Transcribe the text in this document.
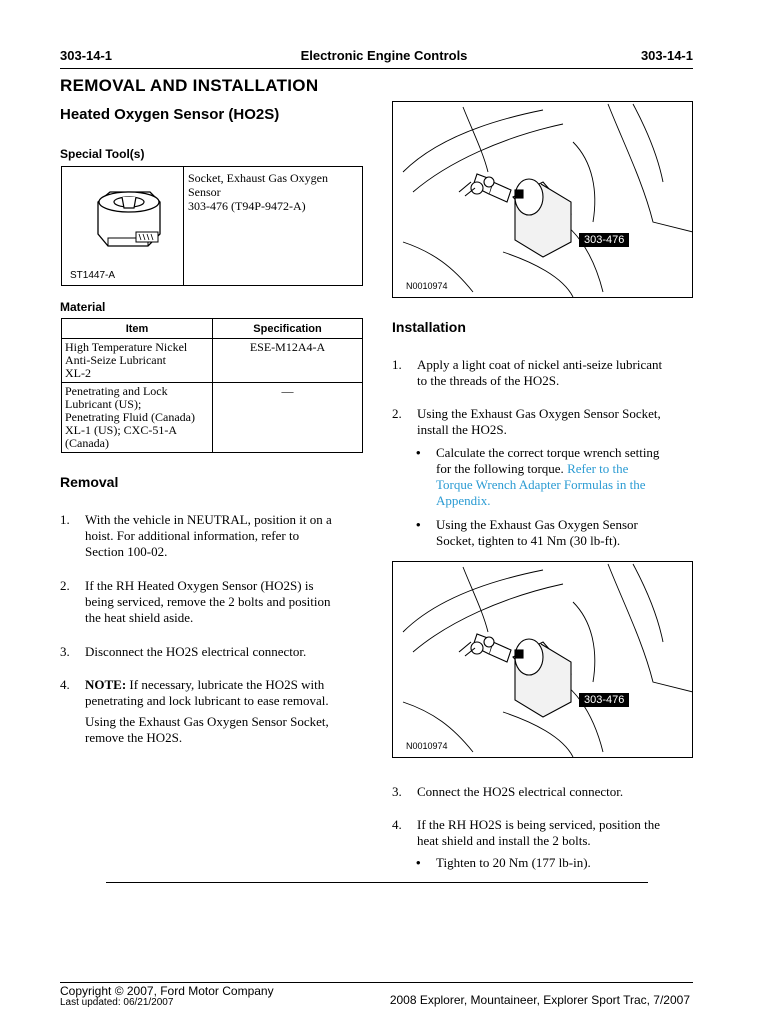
303-14-1	Electronic Engine Controls	303-14-1
REMOVAL AND INSTALLATION
Heated Oxygen Sensor (HO2S)
Special Tool(s)
Socket, Exhaust Gas Oxygen
Sensor
303-476 (T94P-9472-A)
ST1447-A
Material
Item	Specification

High Temperature Nickel
Anti-Seize Lubricant
XL-2	ESE-M12A4-A

Penetrating and Lock
Lubricant (US);
Penetrating Fluid (Canada)
XL-1 (US); CXC-51-A
(Canada)	—
Removal
1. With the vehicle in NEUTRAL, position it on a
hoist. For additional information, refer to
Section 100-02.
2. If the RH Heated Oxygen Sensor (HO2S) is
being serviced, remove the 2 bolts and position
the heat shield aside.
3. Disconnect the HO2S electrical connector.
4. NOTE: If necessary, lubricate the HO2S with
penetrating and lock lubricant to ease removal.
Using the Exhaust Gas Oxygen Sensor Socket,
remove the HO2S.
303-476
N0010974
Installation
1. Apply a light coat of nickel anti-seize lubricant
to the threads of the HO2S.
2. Using the Exhaust Gas Oxygen Sensor Socket,
install the HO2S.
• Calculate the correct torque wrench setting
for the following torque. Refer to the
Torque Wrench Adapter Formulas in the
Appendix.
• Using the Exhaust Gas Oxygen Sensor
Socket, tighten to 41 Nm (30 lb-ft).
303-476
N0010974
3. Connect the HO2S electrical connector.
4. If the RH HO2S is being serviced, position the
heat shield and install the 2 bolts.
• Tighten to 20 Nm (177 lb-in).
Copyright © 2007, Ford Motor Company
Last updated: 06/21/2007	2008 Explorer, Mountaineer, Explorer Sport Trac, 7/2007
